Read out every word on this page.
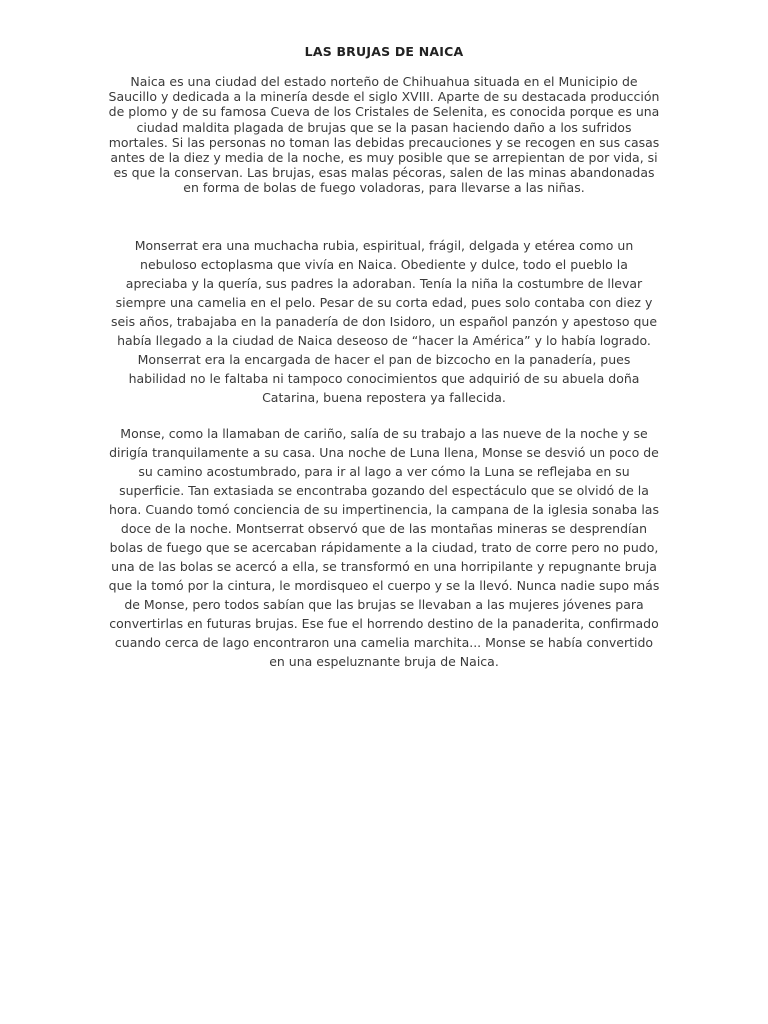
LAS BRUJAS DE NAICA

Naica es una ciudad del estado norteño de Chihuahua situada en el Municipio de
Saucillo y dedicada a la minería desde el siglo XVIII. Aparte de su destacada producción
de plomo y de su famosa Cueva de los Cristales de Selenita, es conocida porque es una
ciudad maldita plagada de brujas que se la pasan haciendo daño a los sufridos
mortales. Si las personas no toman las debidas precauciones y se recogen en sus casas
antes de la diez y media de la noche, es muy posible que se arrepientan de por vida, si
es que la conservan. Las brujas, esas malas pécoras, salen de las minas abandonadas
en forma de bolas de fuego voladoras, para llevarse a las niñas.

Monserrat era una muchacha rubia, espiritual, frágil, delgada y etérea como un
nebuloso ectoplasma que vivía en Naica. Obediente y dulce, todo el pueblo la
apreciaba y la quería, sus padres la adoraban. Tenía la niña la costumbre de llevar
siempre una camelia en el pelo. Pesar de su corta edad, pues solo contaba con diez y
seis años, trabajaba en la panadería de don Isidoro, un español panzón y apestoso que
había llegado a la ciudad de Naica deseoso de “hacer la América” y lo había logrado.
Monserrat era la encargada de hacer el pan de bizcocho en la panadería, pues
habilidad no le faltaba ni tampoco conocimientos que adquirió de su abuela doña
Catarina, buena repostera ya fallecida.

Monse, como la llamaban de cariño, salía de su trabajo a las nueve de la noche y se
dirigía tranquilamente a su casa. Una noche de Luna llena, Monse se desvió un poco de
su camino acostumbrado, para ir al lago a ver cómo la Luna se reflejaba en su
superficie. Tan extasiada se encontraba gozando del espectáculo que se olvidó de la
hora. Cuando tomó conciencia de su impertinencia, la campana de la iglesia sonaba las
doce de la noche. Montserrat observó que de las montañas mineras se desprendían
bolas de fuego que se acercaban rápidamente a la ciudad, trato de corre pero no pudo,
una de las bolas se acercó a ella, se transformó en una horripilante y repugnante bruja
que la tomó por la cintura, le mordisqueo el cuerpo y se la llevó. Nunca nadie supo más
de Monse, pero todos sabían que las brujas se llevaban a las mujeres jóvenes para
convertirlas en futuras brujas. Ese fue el horrendo destino de la panaderita, confirmado
cuando cerca de lago encontraron una camelia marchita... Monse se había convertido
en una espeluznante bruja de Naica.
